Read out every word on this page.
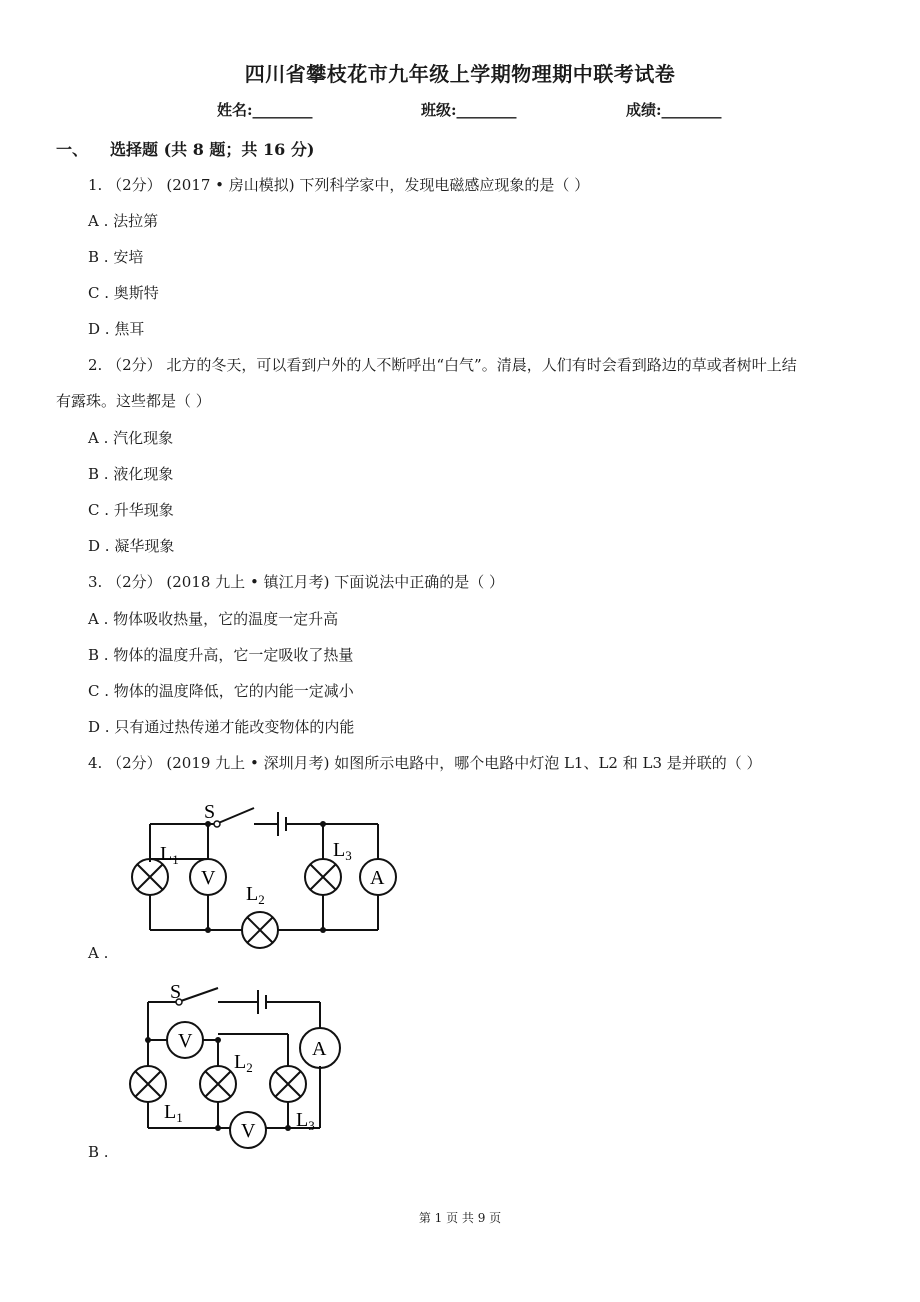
四川省攀枝花市九年级上学期物理期中联考试卷
姓名:________	班级:________	成绩:________
一、 选择题 (共 8 题；共 16 分)
1. （2分） (2017 • 房山模拟) 下列科学家中，发现电磁感应现象的是（ ）
A . 法拉第
B . 安培
C . 奥斯特
D . 焦耳
2. （2分） 北方的冬天，可以看到户外的人不断呼出“白气”。清晨，人们有时会看到路边的草或者树叶上结
有露珠。这些都是（ ）
A . 汽化现象
B . 液化现象
C . 升华现象
D . 凝华现象
3. （2分） (2018 九上 • 镇江月考) 下面说法中正确的是（ ）
A . 物体吸收热量，它的温度一定升高
B . 物体的温度升高，它一定吸收了热量
C . 物体的温度降低，它的内能一定减小
D . 只有通过热传递才能改变物体的内能
4. （2分） (2019 九上 • 深圳月考) 如图所示电路中，哪个电路中灯泡 L1、L2 和 L3 是并联的（ ）
S
$L_1$
$L_2$
$L_3$
V	A
A .
S
$L_1$
$L_2$
$L_3$
V
V
A
B .
第 1 页 共 9 页
